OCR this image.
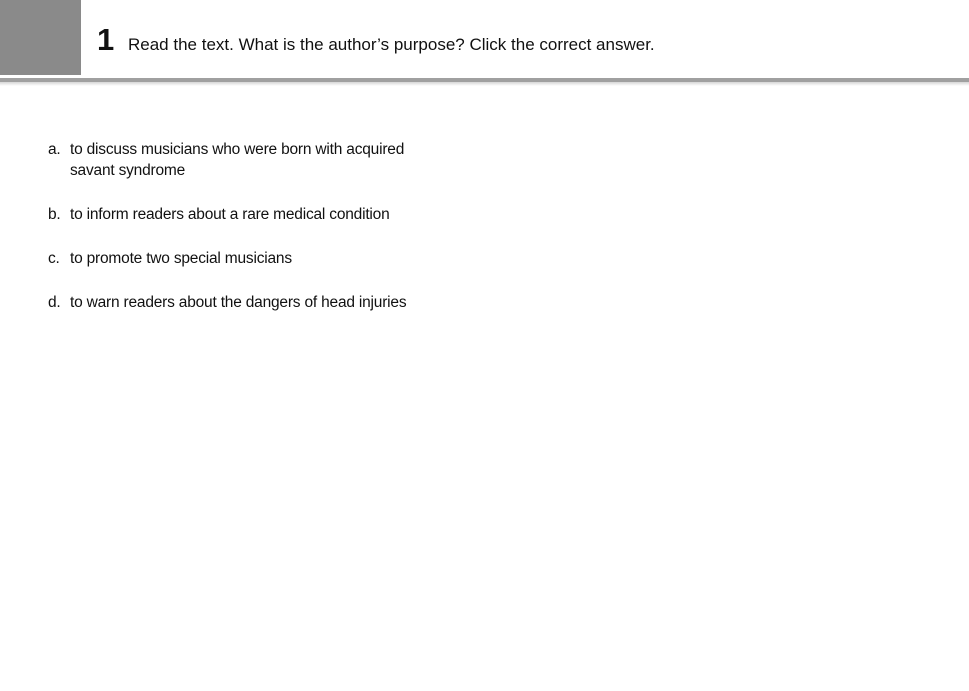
1 Read the text. What is the author’s purpose? Click the correct answer.
a. to discuss musicians who were born with acquired savant syndrome
b. to inform readers about a rare medical condition
c. to promote two special musicians
d. to warn readers about the dangers of head injuries
